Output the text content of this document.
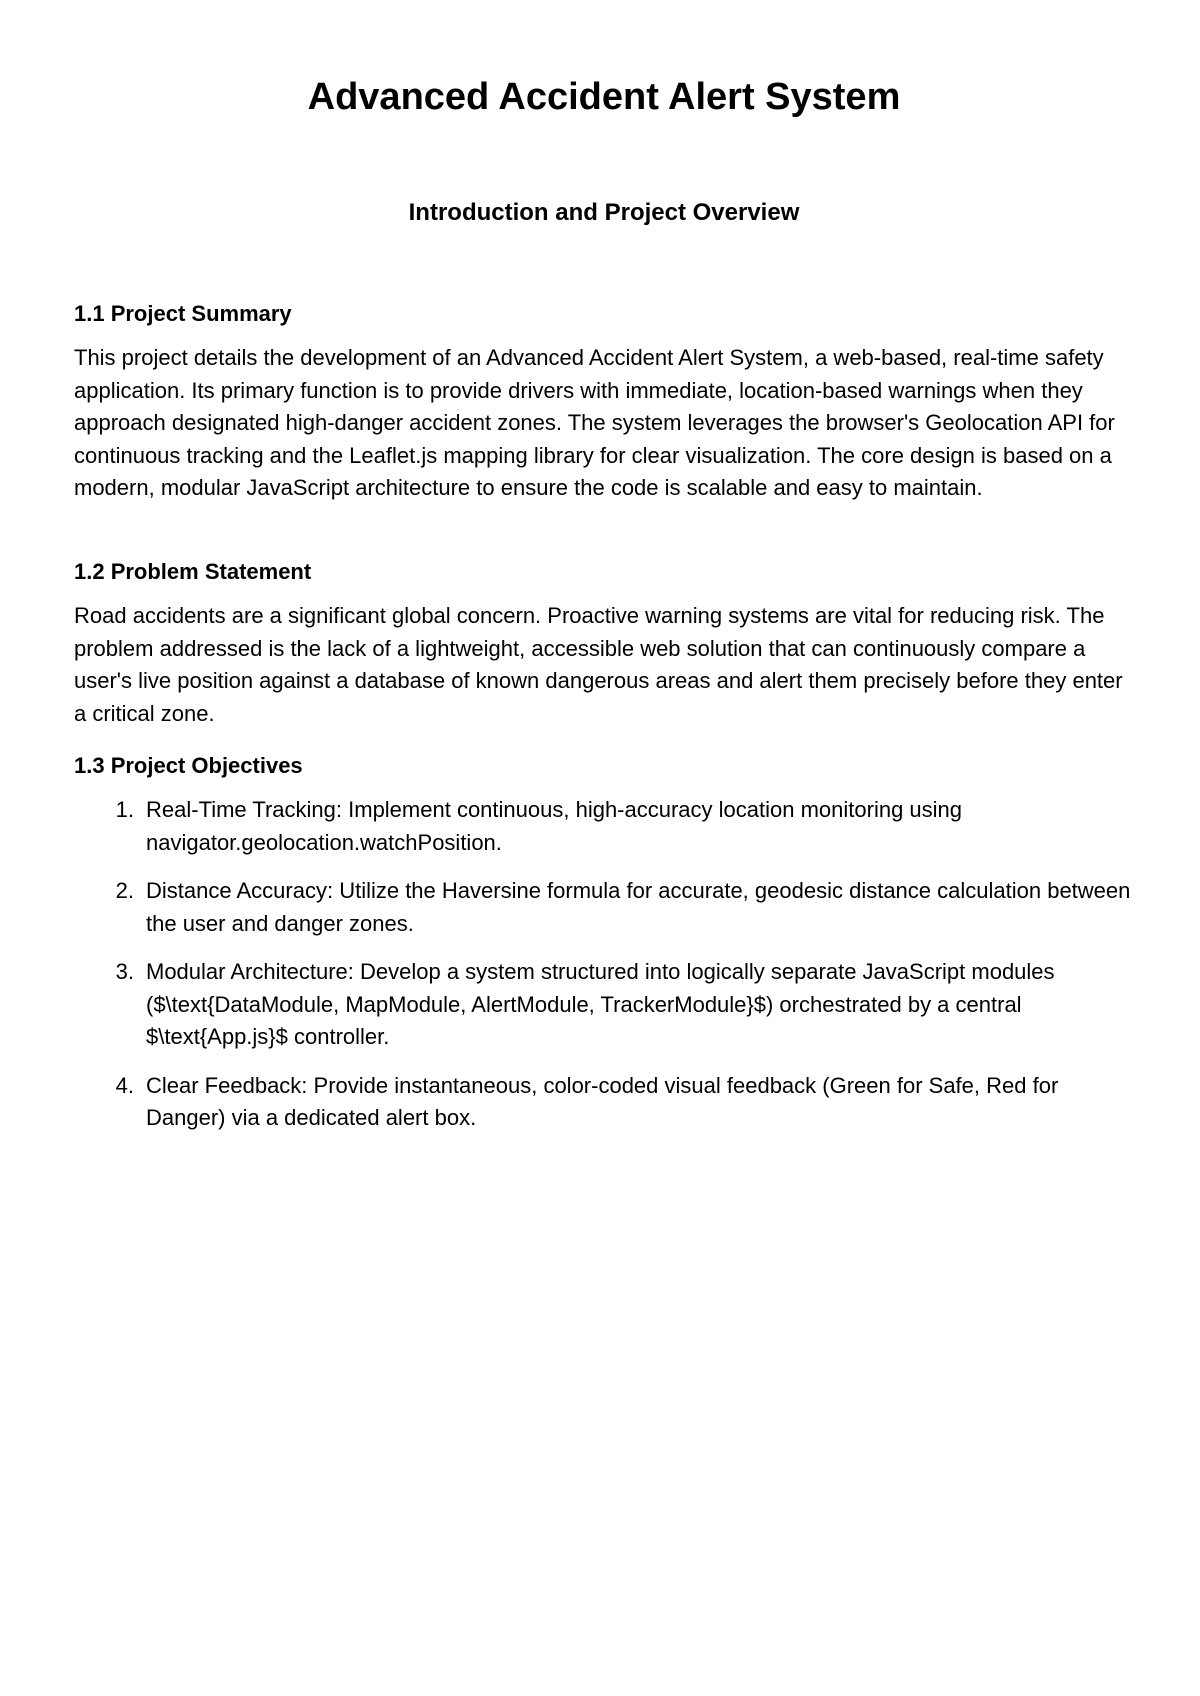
Advanced Accident Alert System
Introduction and Project Overview
1.1 Project Summary

This project details the development of an Advanced Accident Alert System, a web-based, real-time safety application. Its primary function is to provide drivers with immediate, location-based warnings when they approach designated high-danger accident zones. The system leverages the browser's Geolocation API for continuous tracking and the Leaflet.js mapping library for clear visualization. The core design is based on a modern, modular JavaScript architecture to ensure the code is scalable and easy to maintain.

1.2 Problem Statement

Road accidents are a significant global concern. Proactive warning systems are vital for reducing risk. The problem addressed is the lack of a lightweight, accessible web solution that can continuously compare a user's live position against a database of known dangerous areas and alert them precisely before they enter a critical zone.

1.3 Project Objectives
1. Real-Time Tracking: Implement continuous, high-accuracy location monitoring using navigator.geolocation.watchPosition.
2. Distance Accuracy: Utilize the Haversine formula for accurate, geodesic distance calculation between the user and danger zones.
3. Modular Architecture: Develop a system structured into logically separate JavaScript modules ($\text{DataModule, MapModule, AlertModule, TrackerModule}$) orchestrated by a central $\text{App.js}$ controller.
4. Clear Feedback: Provide instantaneous, color-coded visual feedback (Green for Safe, Red for Danger) via a dedicated alert box.
